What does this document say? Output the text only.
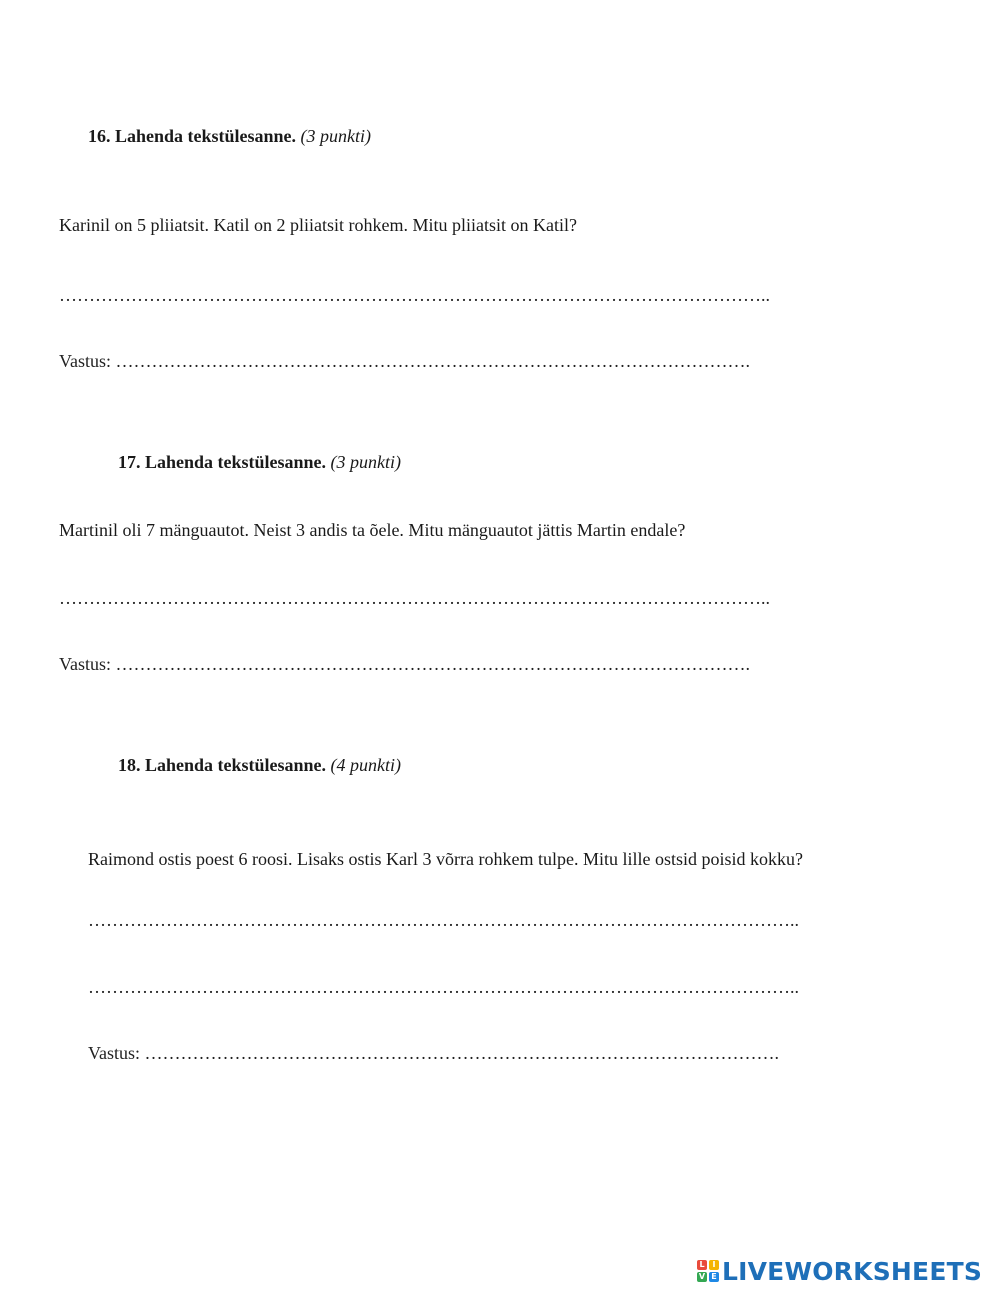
16. Lahenda tekstülesanne. (3 punkti)
Karinil on 5 pliiatsit. Katil on 2 pliiatsit rohkem. Mitu pliiatsit on Katil?
………………………………………………………………………………………………………..
Vastus: …………………………………………………………………………………………….
17. Lahenda tekstülesanne. (3 punkti)
Martinil oli 7 mänguautot. Neist 3 andis ta õele. Mitu mänguautot jättis Martin endale?
………………………………………………………………………………………………………..
Vastus: …………………………………………………………………………………………….
18. Lahenda tekstülesanne. (4 punkti)
Raimond ostis poest 6 roosi. Lisaks ostis Karl 3 võrra rohkem tulpe. Mitu lille ostsid poisid kokku?
………………………………………………………………………………………………………..
………………………………………………………………………………………………………..
Vastus: …………………………………………………………………………………………….
L I
V E LIVEWORKSHEETS
